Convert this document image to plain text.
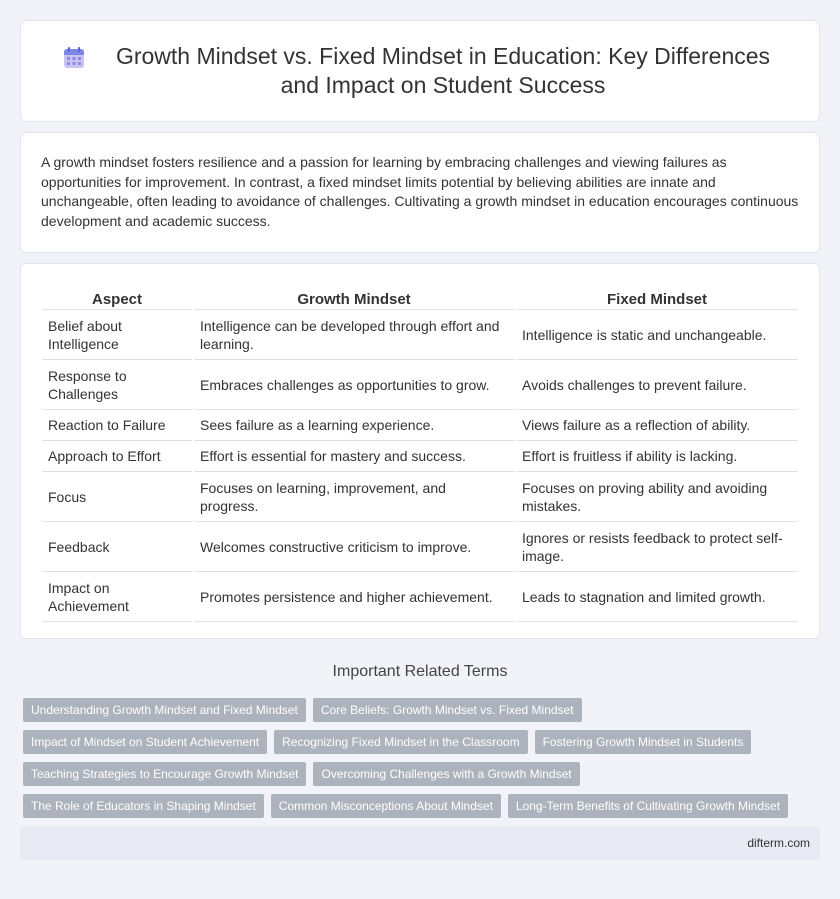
Growth Mindset vs. Fixed Mindset in Education: Key Differences and Impact on Student Success

A growth mindset fosters resilience and a passion for learning by embracing challenges and viewing failures as opportunities for improvement. In contrast, a fixed mindset limits potential by believing abilities are innate and unchangeable, often leading to avoidance of challenges. Cultivating a growth mindset in education encourages continuous development and academic success.

Aspect	Growth Mindset	Fixed Mindset
Belief about Intelligence	Intelligence can be developed through effort and learning.	Intelligence is static and unchangeable.
Response to Challenges	Embraces challenges as opportunities to grow.	Avoids challenges to prevent failure.
Reaction to Failure	Sees failure as a learning experience.	Views failure as a reflection of ability.
Approach to Effort	Effort is essential for mastery and success.	Effort is fruitless if ability is lacking.
Focus	Focuses on learning, improvement, and progress.	Focuses on proving ability and avoiding mistakes.
Feedback	Welcomes constructive criticism to improve.	Ignores or resists feedback to protect self-image.
Impact on Achievement	Promotes persistence and higher achievement.	Leads to stagnation and limited growth.
Important Related Terms
Understanding Growth Mindset and Fixed Mindset	Core Beliefs: Growth Mindset vs. Fixed Mindset
Impact of Mindset on Student Achievement	Recognizing Fixed Mindset in the Classroom	Fostering Growth Mindset in Students
Teaching Strategies to Encourage Growth Mindset	Overcoming Challenges with a Growth Mindset
The Role of Educators in Shaping Mindset	Common Misconceptions About Mindset	Long-Term Benefits of Cultivating Growth Mindset
difterm.com
